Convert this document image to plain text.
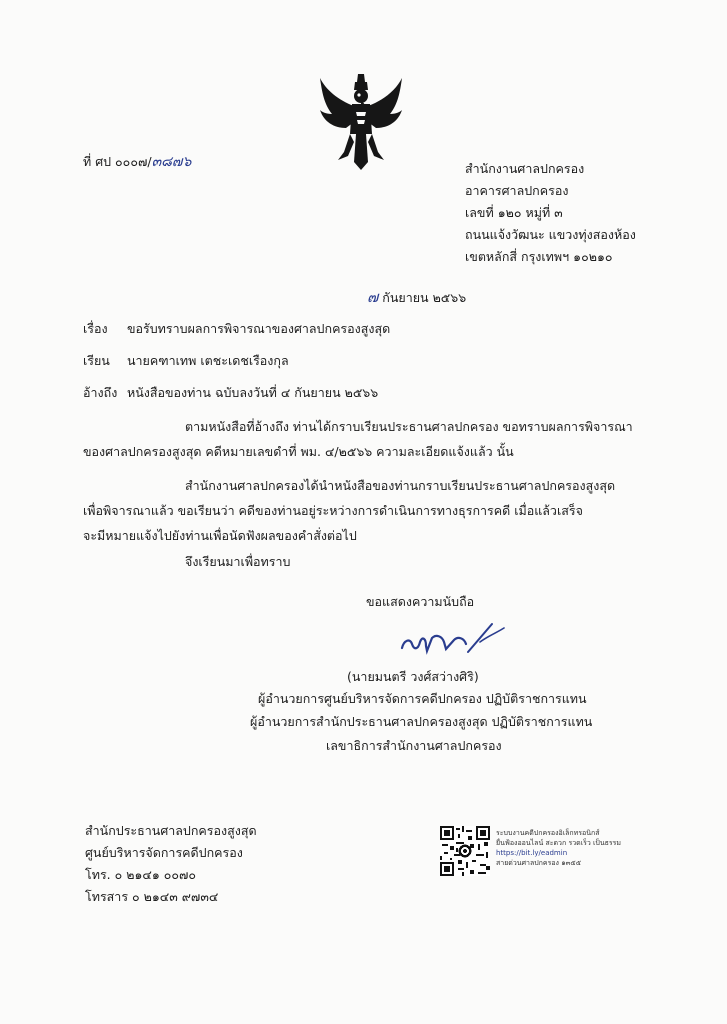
ที่ ศป ๐๐๐๗/๓๘๗๖	สำนักงานศาลปกครอง
อาคารศาลปกครอง
เลขที่ ๑๒๐ หมู่ที่ ๓
ถนนแจ้งวัฒนะ แขวงทุ่งสองห้อง
เขตหลักสี่ กรุงเทพฯ ๑๐๒๑๐
๗ กันยายน ๒๕๖๖
เรื่อง ขอรับทราบผลการพิจารณาของศาลปกครองสูงสุด
เรียน นายคฑาเทพ เตชะเดชเรืองกุล
อ้างถึง หนังสือของท่าน ฉบับลงวันที่ ๔ กันยายน ๒๕๖๖

ตามหนังสือที่อ้างถึง ท่านได้กราบเรียนประธานศาลปกครอง ขอทราบผลการพิจารณา

ของศาลปกครองสูงสุด คดีหมายเลขดำที่ พม. ๔/๒๕๖๖ ความละเอียดแจ้งแล้ว นั้น

สำนักงานศาลปกครองได้นำหนังสือของท่านกราบเรียนประธานศาลปกครองสูงสุด

เพื่อพิจารณาแล้ว ขอเรียนว่า คดีของท่านอยู่ระหว่างการดำเนินการทางธุรการคดี เมื่อแล้วเสร็จ

จะมีหมายแจ้งไปยังท่านเพื่อนัดฟังผลของคำสั่งต่อไป

จึงเรียนมาเพื่อทราบ
ขอแสดงความนับถือ
(นายมนตรี วงศ์สว่างศิริ)
ผู้อำนวยการศูนย์บริหารจัดการคดีปกครอง ปฏิบัติราชการแทน
ผู้อำนวยการสำนักประธานศาลปกครองสูงสุด ปฏิบัติราชการแทน
เลขาธิการสำนักงานศาลปกครอง
สำนักประธานศาลปกครองสูงสุด
ศูนย์บริหารจัดการคดีปกครอง
โทร. ๐ ๒๑๔๑ ๐๐๗๐
โทรสาร ๐ ๒๑๔๓ ๙๗๓๔
ระบบงานคดีปกครองอิเล็กทรอนิกส์
ยื่นฟ้องออนไลน์ สะดวก รวดเร็ว เป็นธรรม
https://bit.ly/eadmin
สายด่วนศาลปกครอง ๑๓๕๕
